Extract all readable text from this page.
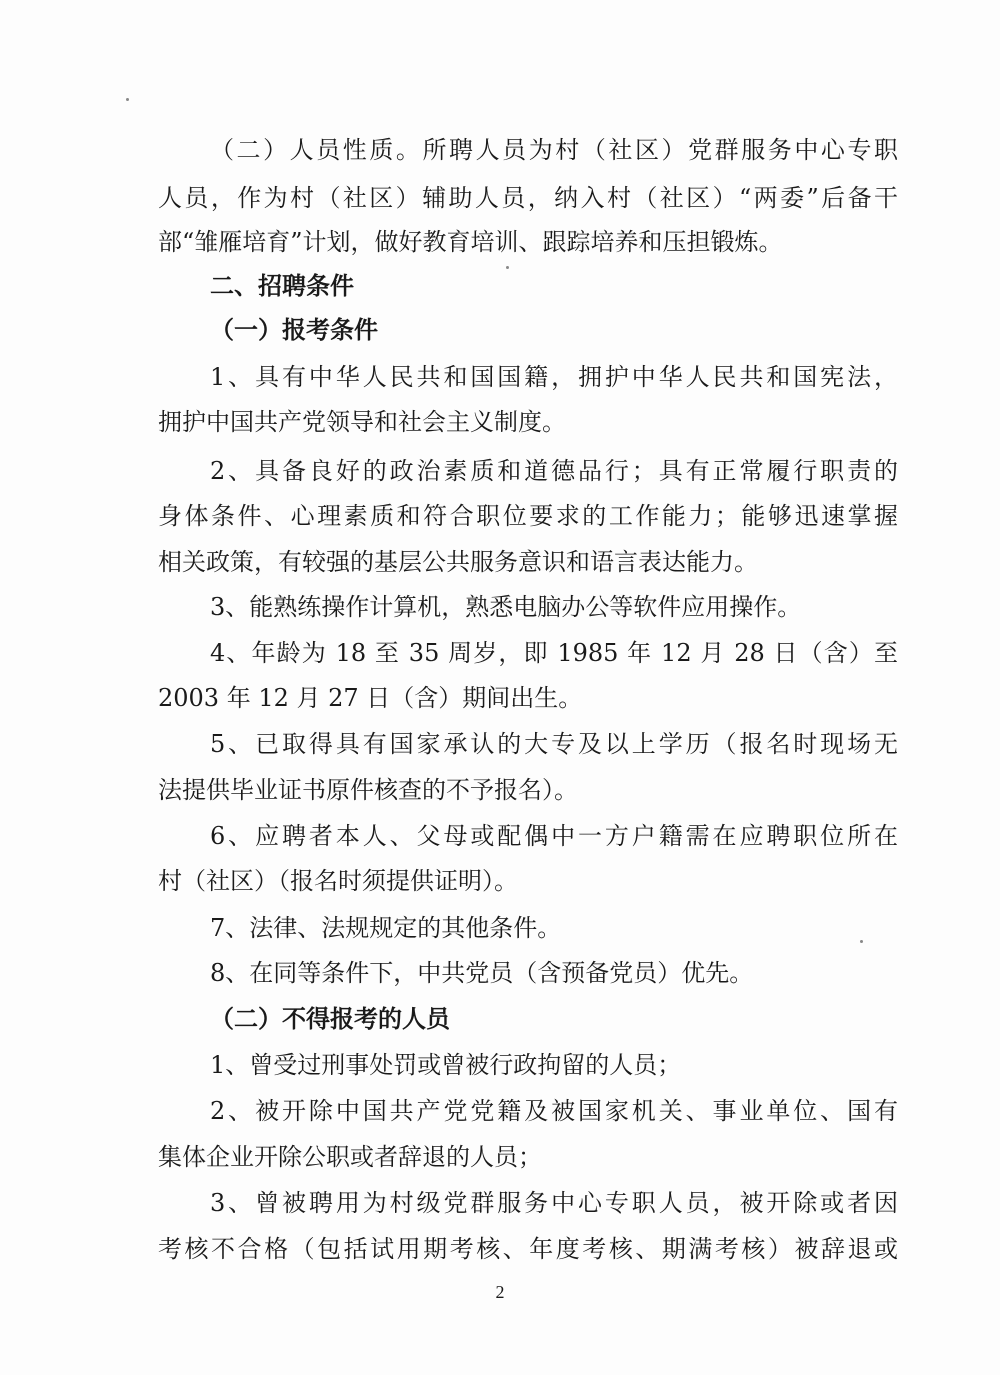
（二）人员性质。所聘人员为村（社区）党群服务中心专职
人员，作为村（社区）辅助人员，纳入村（社区）“两委”后备干
部“雏雁培育”计划，做好教育培训、跟踪培养和压担锻炼。
二、招聘条件
（一）报考条件
1、具有中华人民共和国国籍，拥护中华人民共和国宪法，
拥护中国共产党领导和社会主义制度。
2、具备良好的政治素质和道德品行；具有正常履行职责的
身体条件、心理素质和符合职位要求的工作能力；能够迅速掌握
相关政策，有较强的基层公共服务意识和语言表达能力。
3、能熟练操作计算机，熟悉电脑办公等软件应用操作。
4、年龄为 18 至 35 周岁，即 1985 年 12 月 28 日（含）至
2003 年 12 月 27 日（含）期间出生。
5、已取得具有国家承认的大专及以上学历（报名时现场无
法提供毕业证书原件核查的不予报名）。
6、应聘者本人、父母或配偶中一方户籍需在应聘职位所在
村（社区）（报名时须提供证明）。
7、法律、法规规定的其他条件。
8、在同等条件下，中共党员（含预备党员）优先。
（二）不得报考的人员
1、曾受过刑事处罚或曾被行政拘留的人员；
2、被开除中国共产党党籍及被国家机关、事业单位、国有
集体企业开除公职或者辞退的人员；
3、曾被聘用为村级党群服务中心专职人员，被开除或者因
考核不合格（包括试用期考核、年度考核、期满考核）被辞退或
2
